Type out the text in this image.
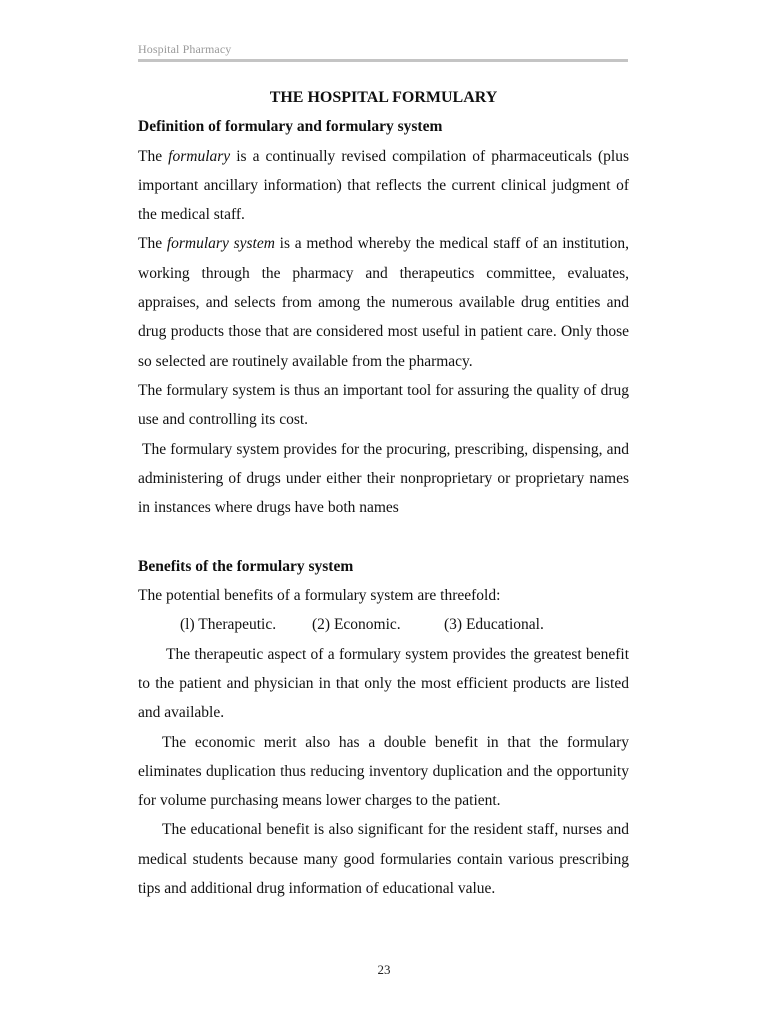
Hospital Pharmacy

THE HOSPITAL FORMULARY

Definition of formulary and formulary system

The formulary is a continually revised compilation of pharmaceuticals (plus important ancillary information) that reflects the current clinical judgment of the medical staff.

The formulary system is a method whereby the medical staff of an institution, working through the pharmacy and therapeutics committee, evaluates, appraises, and selects from among the numerous available drug entities and drug products those that are considered most useful in patient care. Only those so selected are routinely available from the pharmacy.

The formulary system is thus an important tool for assuring the quality of drug use and controlling its cost.

The formulary system provides for the procuring, prescribing, dispensing, and administering of drugs under either their nonproprietary or proprietary names in instances where drugs have both names

Benefits of the formulary system

The potential benefits of a formulary system are threefold:

(l) Therapeutic. (2) Economic.	(3) Educational.

The therapeutic aspect of a formulary system provides the greatest benefit to the patient and physician in that only the most efficient products are listed and available.

The economic merit also has a double benefit in that the formulary eliminates duplication thus reducing inventory duplication and the opportunity for volume purchasing means lower charges to the patient.

The educational benefit is also significant for the resident staff, nurses and medical students because many good formularies contain various prescribing tips and additional drug information of educational value.

23
